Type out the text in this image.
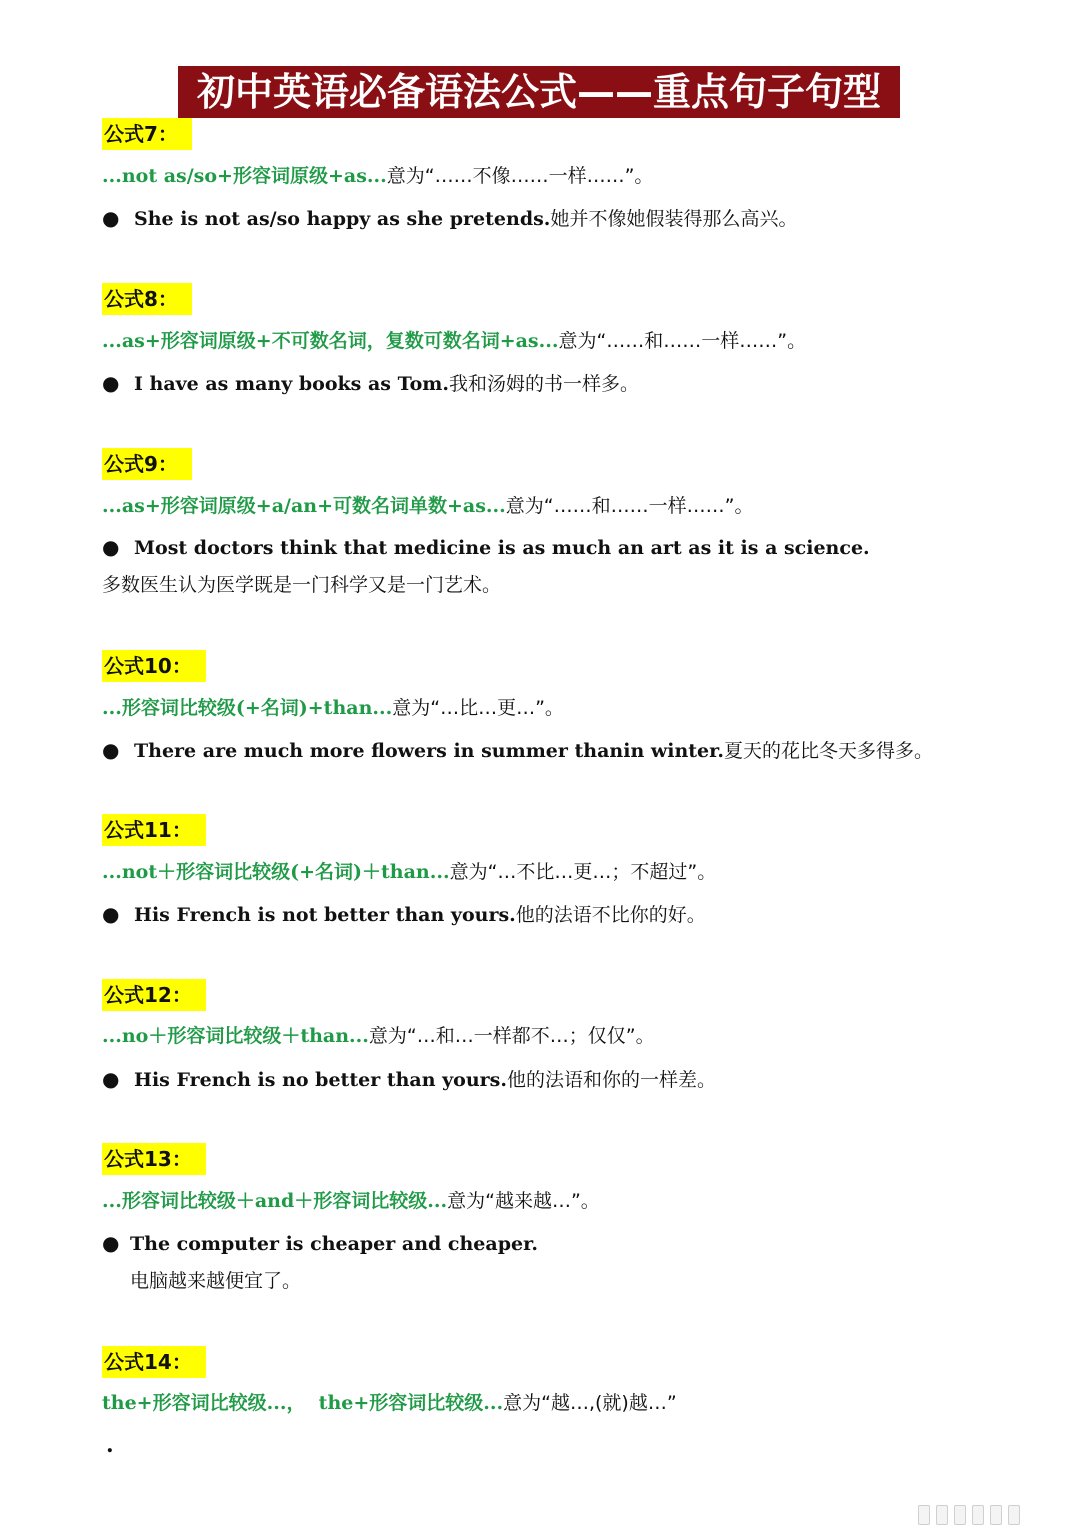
初中英语必备语法公式——重点句子句型
公式7：
...not as/so+形容词原级+as...意为“……不像……一样……”。
● She is not as/so happy as she pretends.她并不像她假装得那么高兴。
公式8：
...as+形容词原级+不可数名词，复数可数名词+as...意为“……和……一样……”。
● I have as many books as Tom.我和汤姆的书一样多。
公式9：
...as+形容词原级+a/an+可数名词单数+as...意为“……和……一样……”。
● Most doctors think that medicine is as much an art as it is a science.
多数医生认为医学既是一门科学又是一门艺术。
公式10：
...形容词比较级(+名词)+than...意为“…比…更…”。
● There are much more flowers in summer thanin winter.夏天的花比冬天多得多。
公式11：
...not＋形容词比较级(+名词)＋than...意为“…不比…更…；不超过”。
● His French is not better than yours.他的法语不比你的好。
公式12：
...no＋形容词比较级＋than...意为“…和…一样都不…；仅仅”。
● His French is no better than yours.他的法语和你的一样差。
公式13：
...形容词比较级＋and＋形容词比较级...意为“越来越…”。
● The computer is cheaper and cheaper.
电脑越来越便宜了。
公式14：
the+形容词比较级...，  the+形容词比较级...意为“越…,(就)越…”
.
